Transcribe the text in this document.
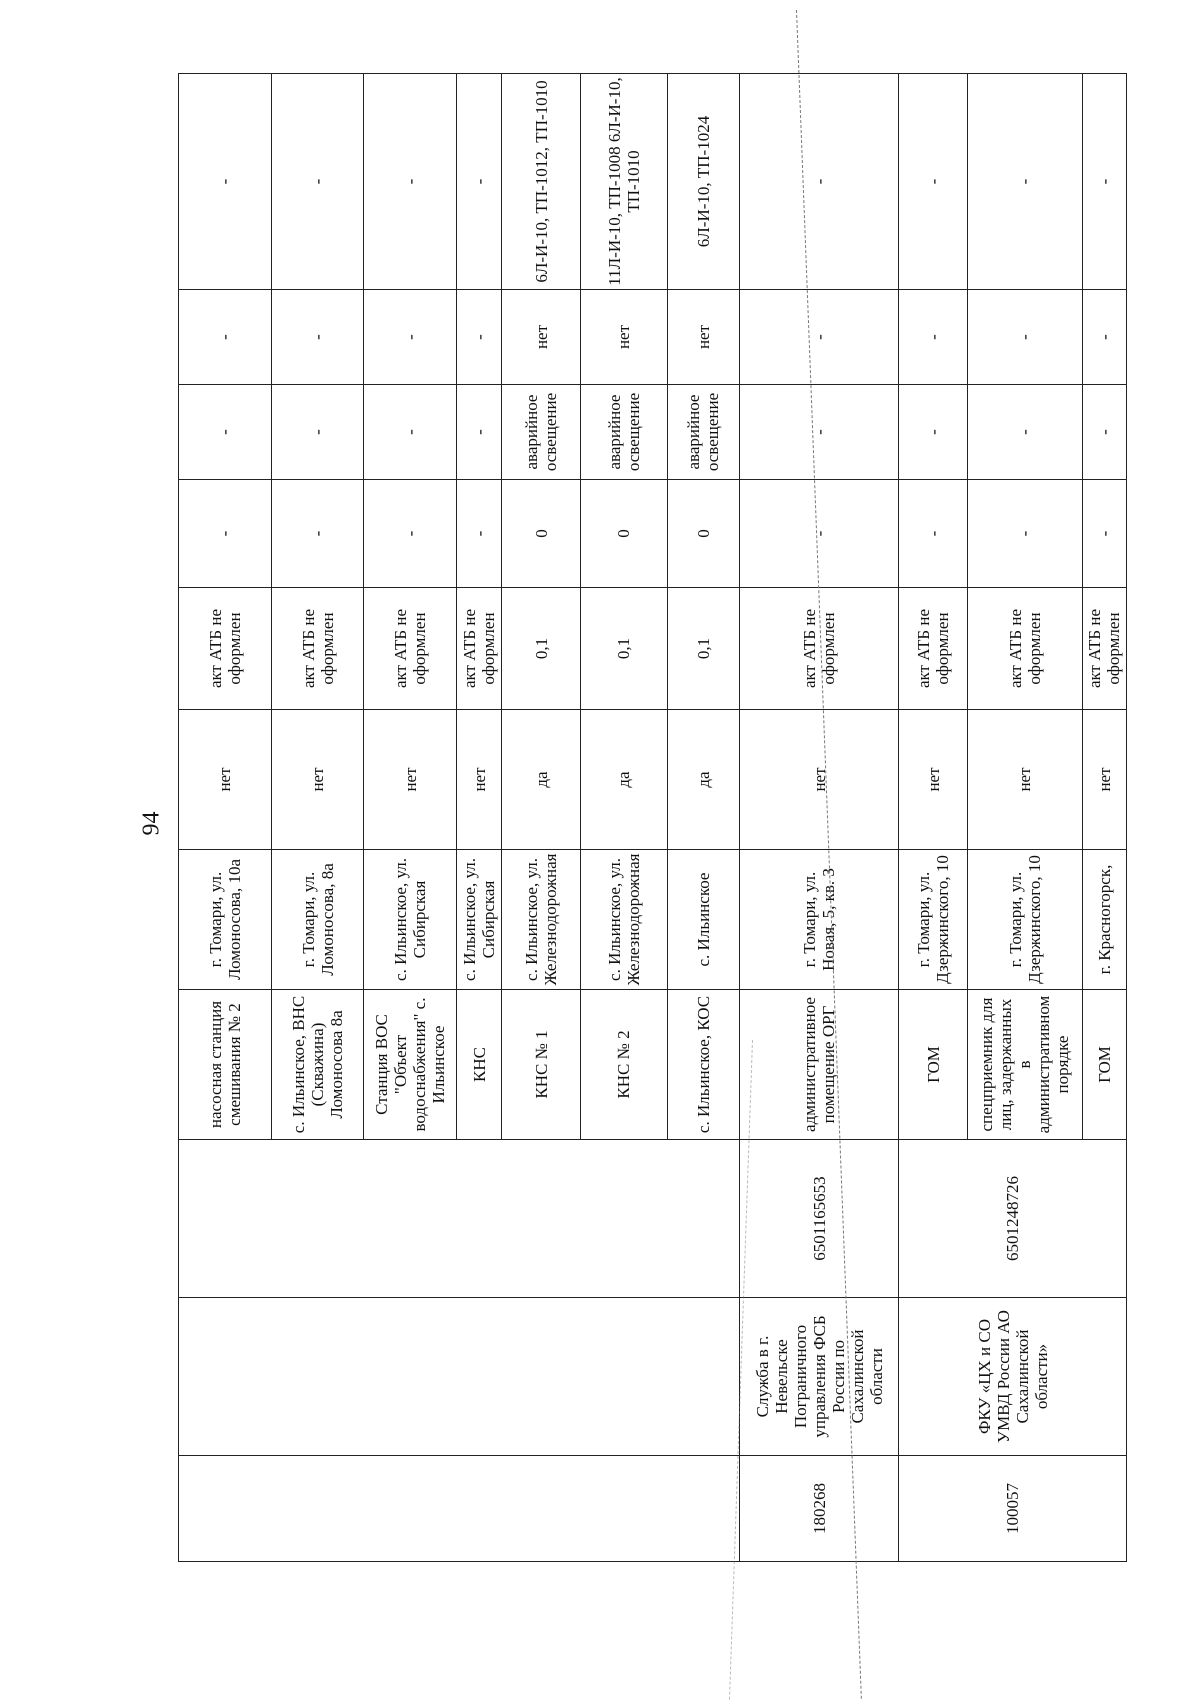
94
			насосная станция смешивания № 2	г. Томари, ул. Ломоносова, 10а	нет	акт АТБ не оформлен	-	-	-	-
			с. Ильинское, ВНС (Скважина) Ломоносова 8а	г. Томари, ул. Ломоносова, 8а	нет	акт АТБ не оформлен	-	-	-	-
			Станция ВОС "Объект водоснабжения" с. Ильинское	с. Ильинское, ул. Сибирская	нет	акт АТБ не оформлен	-	-	-	-
			КНС	с. Ильинское, ул. Сибирская	нет	акт АТБ не оформлен	-	-	-	-
			КНС № 1	с. Ильинское, ул. Железнодорожная	да	0,1	0	аварийное освещение	нет	6Л-И-10, ТП-1012, ТП-1010
			КНС № 2	с. Ильинское, ул. Железнодорожная	да	0,1	0	аварийное освещение	нет	11Л-И-10, ТП-1008 6Л-И-10, ТП-1010
			с. Ильинское, КОС	с. Ильинское	да	0,1	0	аварийное освещение	нет	6Л-И-10, ТП-1024
180268	Служба в г. Невельске Пограничного управления ФСБ России по Сахалинской области	6501165653	административное помещение ОРГ	г. Томари, ул. Новая, 5, кв. 3	нет	акт АТБ не оформлен	-	-	-	-
100057	ФКУ «ЦХ и СО УМВД России АО Сахалинской области»	6501248726	ГОМ	г. Томари, ул. Дзержинского, 10	нет	акт АТБ не оформлен	-	-	-	-
			спецприемник для лиц, задержанных в административном порядке	г. Томари, ул. Дзержинского, 10	нет	акт АТБ не оформлен	-	-	-	-
			ГОМ	г. Красногорск,	нет	акт АТБ не оформлен	-	-	-	-
